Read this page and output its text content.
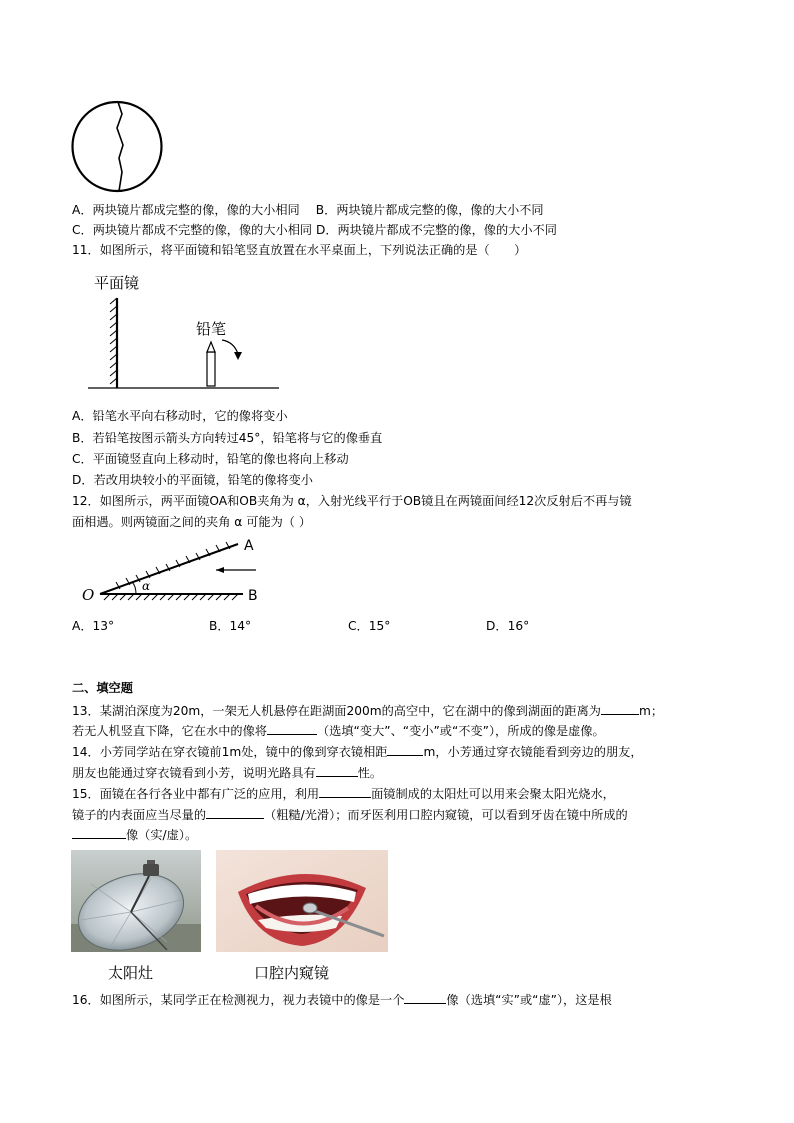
A．两块镜片都成完整的像，像的大小相同　 B．两块镜片都成完整的像，像的大小不同
C．两块镜片都成不完整的像，像的大小相同 D．两块镜片都成不完整的像，像的大小不同
11．如图所示，将平面镜和铅笔竖直放置在水平桌面上，下列说法正确的是（　　）
平面镜
铅笔
A．铅笔水平向右移动时，它的像将变小
B．若铅笔按图示箭头方向转过45°，铅笔将与它的像垂直
C．平面镜竖直向上移动时，铅笔的像也将向上移动
D．若改用块较小的平面镜，铅笔的像将变小
12．如图所示，两平面镜OA和OB夹角为 α，入射光线平行于OB镜且在两镜面间经12次反射后不再与镜
面相遇。则两镜面之间的夹角 α 可能为（ ）
O
A
B
α
A．13°	B．14°	C．15°	D．16°
二、填空题
13．某湖泊深度为20m，一架无人机悬停在距湖面200m的高空中，它在湖中的像到湖面的距离为	m；
若无人机竖直下降，它在水中的像将	（选填“变大”、“变小”或“不变”），所成的像是虚像。
14．小芳同学站在穿衣镜前1m处，镜中的像到穿衣镜相距	m，小芳通过穿衣镜能看到旁边的朋友，
朋友也能通过穿衣镜看到小芳，说明光路具有	性。
15．面镜在各行各业中都有广泛的应用，利用	面镜制成的太阳灶可以用来会聚太阳光烧水，
镜子的内表面应当尽量的	（粗糙/光滑）；而牙医利用口腔内窥镜，可以看到牙齿在镜中所成的
像（实/虚）。
太阳灶	口腔内窥镜
16．如图所示，某同学正在检测视力，视力表镜中的像是一个	像（选填“实”或“虚”），这是根
